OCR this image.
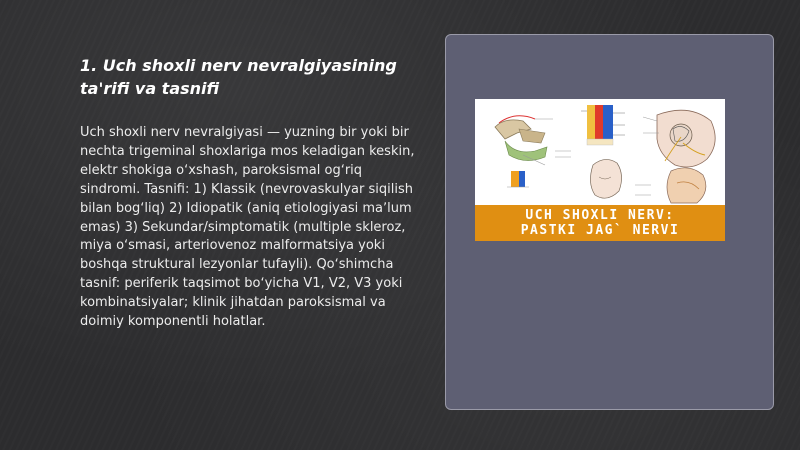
1. Uch shoxli nerv nevralgiyasining
ta'rifi va tasnifi
Uch shoxli nerv nevralgiyasi — yuzning bir yoki bir nechta trigeminal shoxlariga mos keladigan keskin, elektr shokiga oʻxshash, paroksismal ogʻriq sindromi. Tasnifi: 1) Klassik (nevrovaskulyar siqilish bilan bogʻliq) 2) Idiopatik (aniq etiologiyasi maʼlum emas) 3) Sekundar/simptomatik (multiple skleroz, miya oʻsmasi, arteriovenoz malformatsiya yoki boshqa struktural lezyonlar tufayli). Qoʻshimcha tasnif: periferik taqsimot boʻyicha V1, V2, V3 yoki kombinatsiyalar; klinik jihatdan paroksismal va doimiy komponentli holatlar.
UCH SHOXLI NERV:
PASTKI JAG` NERVI
